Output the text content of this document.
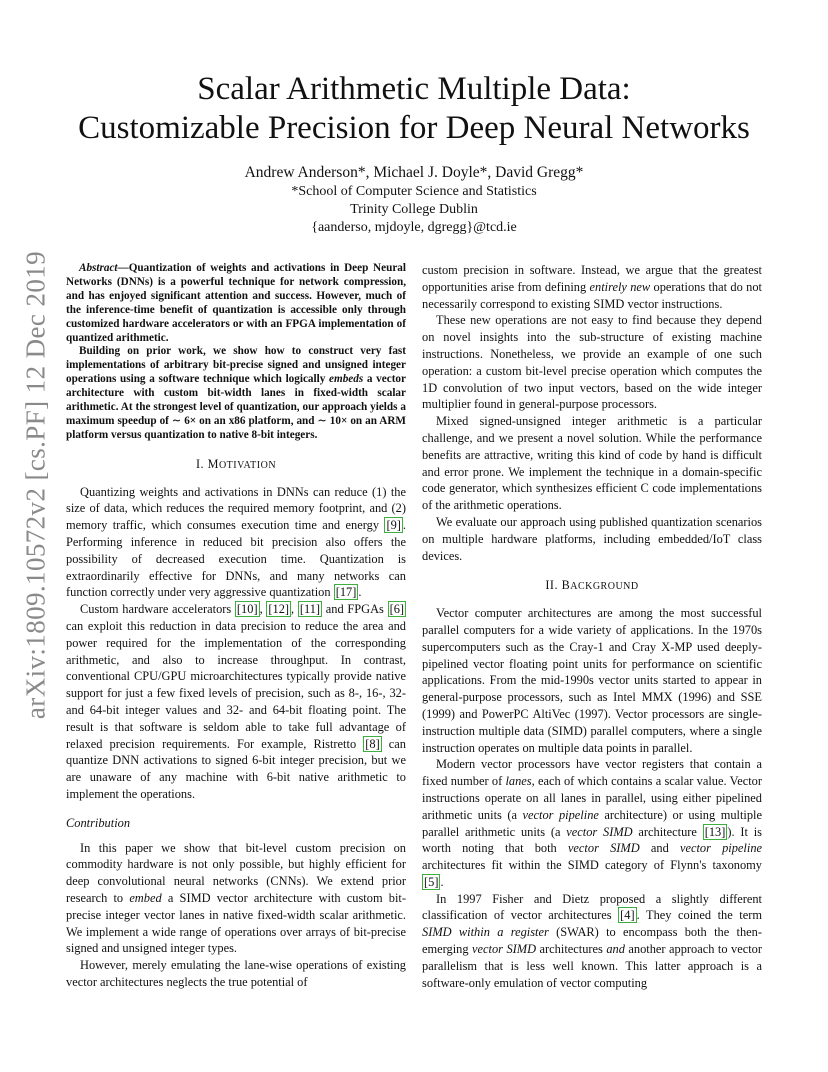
arXiv:1809.10572v2 [cs.PF] 12 Dec 2019
Scalar Arithmetic Multiple Data:
Customizable Precision for Deep Neural Networks
Andrew Anderson*, Michael J. Doyle*, David Gregg*
*School of Computer Science and Statistics
Trinity College Dublin
{aanderso, mjdoyle, dgregg}@tcd.ie

Abstract—Quantization of weights and activations in Deep Neural Networks (DNNs) is a powerful technique for network compression, and has enjoyed significant attention and success. However, much of the inference-time benefit of quantization is accessible only through customized hardware accelerators or with an FPGA implementation of quantized arithmetic.

Building on prior work, we show how to construct very fast implementations of arbitrary bit-precise signed and unsigned integer operations using a software technique which logically embeds a vector architecture with custom bit-width lanes in fixed-width scalar arithmetic. At the strongest level of quantization, our approach yields a maximum speedup of ∼ 6× on an x86 platform, and ∼ 10× on an ARM platform versus quantization to native 8-bit integers.

I. MOTIVATION

Quantizing weights and activations in DNNs can reduce (1) the size of data, which reduces the required memory footprint, and (2) memory traffic, which consumes execution time and energy [9] . Performing inference in reduced bit precision also offers the possibility of decreased execution time. Quantization is extraordinarily effective for DNNs, and many networks can function correctly under very aggressive quantization [17] .

Custom hardware accelerators [10] , [12] , [11] and FPGAs [6] can exploit this reduction in data precision to reduce the area and power required for the implementation of the corresponding arithmetic, and also to increase throughput. In contrast, conventional CPU/GPU microarchitectures typically provide native support for just a few fixed levels of precision, such as 8-, 16-, 32- and 64-bit integer values and 32- and 64-bit floating point. The result is that software is seldom able to take full advantage of relaxed precision requirements. For example, Ristretto [8] can quantize DNN activations to signed 6-bit integer precision, but we are unaware of any machine with 6-bit native arithmetic to implement the operations.

Contribution

In this paper we show that bit-level custom precision on commodity hardware is not only possible, but highly efficient for deep convolutional neural networks (CNNs). We extend prior research to embed a SIMD vector architecture with custom bit-precise integer vector lanes in native fixed-width scalar arithmetic. We implement a wide range of operations over arrays of bit-precise signed and unsigned integer types.

However, merely emulating the lane-wise operations of existing vector architectures neglects the true potential of

custom precision in software. Instead, we argue that the greatest opportunities arise from defining entirely new operations that do not necessarily correspond to existing SIMD vector instructions.

These new operations are not easy to find because they depend on novel insights into the sub-structure of existing machine instructions. Nonetheless, we provide an example of one such operation: a custom bit-level precise operation which computes the 1D convolution of two input vectors, based on the wide integer multiplier found in general-purpose processors.

Mixed signed-unsigned integer arithmetic is a particular challenge, and we present a novel solution. While the performance benefits are attractive, writing this kind of code by hand is difficult and error prone. We implement the technique in a domain-specific code generator, which synthesizes efficient C code implementations of the arithmetic operations.

We evaluate our approach using published quantization scenarios on multiple hardware platforms, including embedded/IoT class devices.

II. BACKGROUND

Vector computer architectures are among the most successful parallel computers for a wide variety of applications. In the 1970s supercomputers such as the Cray-1 and Cray X-MP used deeply-pipelined vector floating point units for performance on scientific applications. From the mid-1990s vector units started to appear in general-purpose processors, such as Intel MMX (1996) and SSE (1999) and PowerPC AltiVec (1997). Vector processors are single-instruction multiple data (SIMD) parallel computers, where a single instruction operates on multiple data points in parallel.

Modern vector processors have vector registers that contain a fixed number of lanes, each of which contains a scalar value. Vector instructions operate on all lanes in parallel, using either pipelined arithmetic units (a vector pipeline architecture) or using multiple parallel arithmetic units (a vector SIMD architecture [13] ). It is worth noting that both vector SIMD and vector pipeline architectures fit within the SIMD category of Flynn's taxonomy [5] .

In 1997 Fisher and Dietz proposed a slightly different classification of vector architectures [4] . They coined the term SIMD within a register (SWAR) to encompass both the then-emerging vector SIMD architectures and another approach to vector parallelism that is less well known. This latter approach is a software-only emulation of vector computing
